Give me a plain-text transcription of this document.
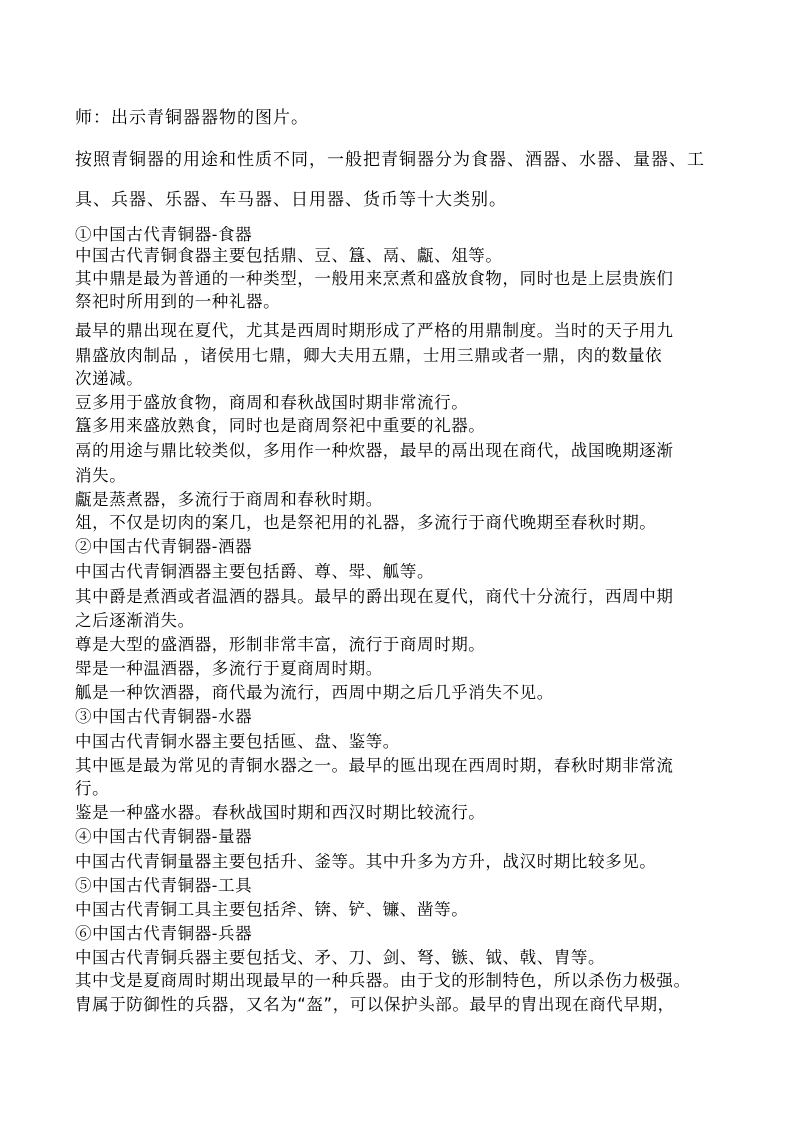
师：出示青铜器器物的图片。
按照青铜器的用途和性质不同，一般把青铜器分为食器、酒器、水器、量器、工
具、兵器、乐器、车马器、日用器、货币等十大类别。
①中国古代青铜器-食器
中国古代青铜食器主要包括鼎、豆、簋、鬲、甗、俎等。
其中鼎是最为普通的一种类型，一般用来烹煮和盛放食物，同时也是上层贵族们
祭祀时所用到的一种礼器。
最早的鼎出现在夏代，尤其是西周时期形成了严格的用鼎制度。当时的天子用九
鼎盛放肉制品 ，诸侯用七鼎，卿大夫用五鼎，士用三鼎或者一鼎，肉的数量依
次递减。
豆多用于盛放食物，商周和春秋战国时期非常流行。
簋多用来盛放熟食，同时也是商周祭祀中重要的礼器。
鬲的用途与鼎比较类似，多用作一种炊器，最早的鬲出现在商代，战国晚期逐渐
消失。
甗是蒸煮器，多流行于商周和春秋时期。
俎，不仅是切肉的案几，也是祭祀用的礼器，多流行于商代晚期至春秋时期。
②中国古代青铜器-酒器
中国古代青铜酒器主要包括爵、尊、斝、觚等。
其中爵是煮酒或者温酒的器具。最早的爵出现在夏代，商代十分流行，西周中期
之后逐渐消失。
尊是大型的盛酒器，形制非常丰富，流行于商周时期。
斝是一种温酒器，多流行于夏商周时期。
觚是一种饮酒器，商代最为流行，西周中期之后几乎消失不见。
③中国古代青铜器-水器
中国古代青铜水器主要包括匜、盘、鉴等。
其中匜是最为常见的青铜水器之一。最早的匜出现在西周时期，春秋时期非常流
行。
鉴是一种盛水器。春秋战国时期和西汉时期比较流行。
④中国古代青铜器-量器
中国古代青铜量器主要包括升、釜等。其中升多为方升，战汉时期比较多见。
⑤中国古代青铜器-工具
中国古代青铜工具主要包括斧、锛、铲、镰、凿等。
⑥中国古代青铜器-兵器
中国古代青铜兵器主要包括戈、矛、刀、剑、弩、镞、钺、戟、胄等。
其中戈是夏商周时期出现最早的一种兵器。由于戈的形制特色，所以杀伤力极强。
胄属于防御性的兵器，又名为“盔”，可以保护头部。最早的胄出现在商代早期，
